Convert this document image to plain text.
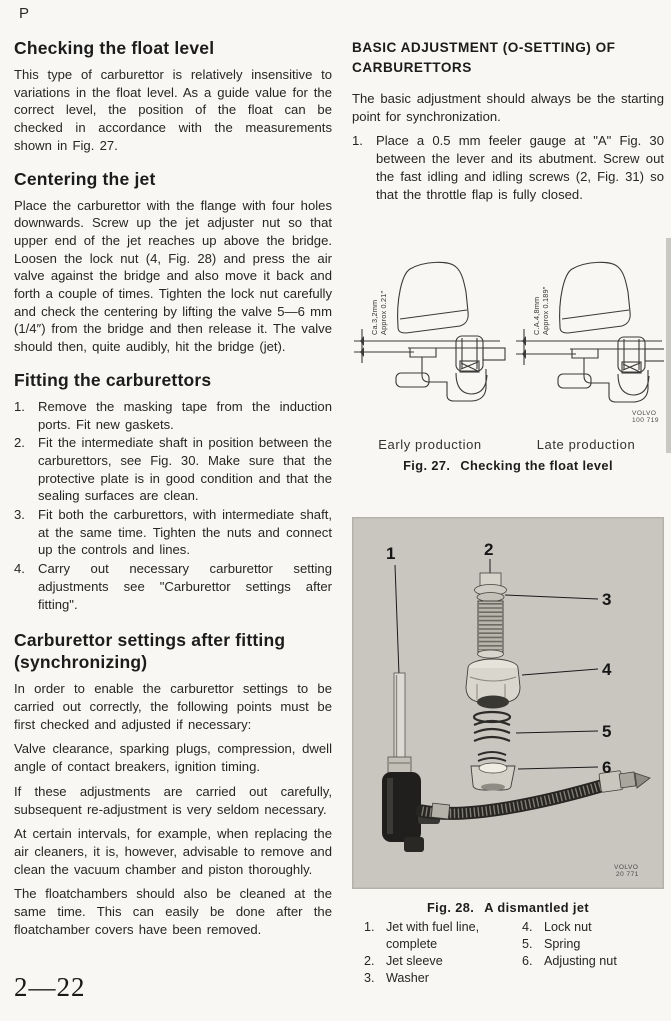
P
Checking the float level

This type of carburettor is relatively insensitive to variations in the float level. As a guide value for the correct level, the position of the float can be checked in accordance with the measurements shown in Fig. 27.

Centering the jet

Place the carburettor with the flange with four holes downwards. Screw up the jet adjuster nut so that upper end of the jet reaches up above the bridge. Loosen the lock nut (4, Fig. 28) and press the air valve against the bridge and also move it back and forth a couple of times. Tighten the lock nut carefully and check the centering by lifting the valve 5—6 mm (1/4″) from the bridge and then release it. The valve should then, quite audibly, hit the bridge (jet).

Fitting the carburettors
1. Remove the masking tape from the induction ports. Fit new gaskets.
2. Fit the intermediate shaft in position between the carburettors, see Fig. 30. Make sure that the protective plate is in good condition and that the sealing surfaces are clean.
3. Fit both the carburettors, with intermediate shaft, at the same time. Tighten the nuts and connect up the controls and lines.
4. Carry out necessary carburettor setting adjustments see "Carburettor settings after fitting".
Carburettor settings after fitting (synchronizing)

In order to enable the carburettor settings to be carried out correctly, the following points must be first checked and adjusted if necessary:

Valve clearance, sparking plugs, compression, dwell angle of contact breakers, ignition timing.

If these adjustments are carried out carefully, subsequent re-adjustment is very seldom necessary.

At certain intervals, for example, when replacing the air cleaners, it is, however, advisable to remove and clean the vacuum chamber and piston thoroughly.

The floatchambers should also be cleaned at the same time. This can easily be done after the floatchamber covers have been removed.

BASIC ADJUSTMENT (O-SETTING) OF CARBURETTORS

The basic adjustment should always be the starting point for synchronization.

1. Place a 0.5 mm feeler gauge at "A" Fig. 30 between the lever and its abutment. Screw out the fast idling and idling screws (2, Fig. 31) so that the throttle flap is fully closed.
Ca.3,2mm Approx 0.21″	C.A.4,8mm Approx 0.189″
VOLVO
100 719
Early production	Late production
Fig. 27. Checking the float level
1	2
3
4
5
6
VOLVO
20 771
Fig. 28. A dismantled jet
1. Jet with fuel line, complete
2. Jet sleeve
3. Washer
4. Lock nut
5. Spring
6. Adjusting nut
2—22
